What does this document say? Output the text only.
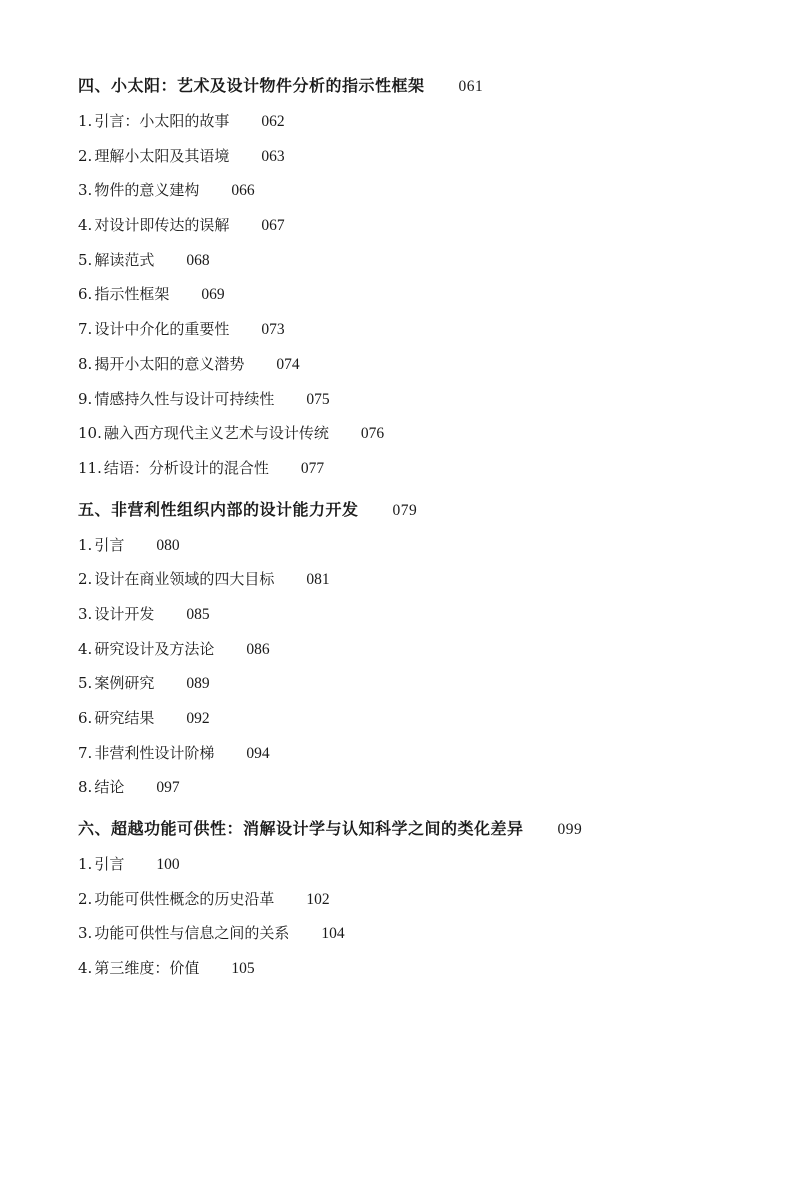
四、小太阳：艺术及设计物件分析的指示性框架 061
1. 引言：小太阳的故事 062
2. 理解小太阳及其语境 063
3. 物件的意义建构 066
4. 对设计即传达的误解 067
5. 解读范式 068
6. 指示性框架 069
7. 设计中介化的重要性 073
8. 揭开小太阳的意义潜势 074
9. 情感持久性与设计可持续性 075
10. 融入西方现代主义艺术与设计传统 076
11. 结语：分析设计的混合性 077
五、非营利性组织内部的设计能力开发 079
1. 引言 080
2. 设计在商业领域的四大目标 081
3. 设计开发 085
4. 研究设计及方法论 086
5. 案例研究 089
6. 研究结果 092
7. 非营利性设计阶梯 094
8. 结论 097
六、超越功能可供性：消解设计学与认知科学之间的类化差异 099
1. 引言 100
2. 功能可供性概念的历史沿革 102
3. 功能可供性与信息之间的关系 104
4. 第三维度：价值 105
